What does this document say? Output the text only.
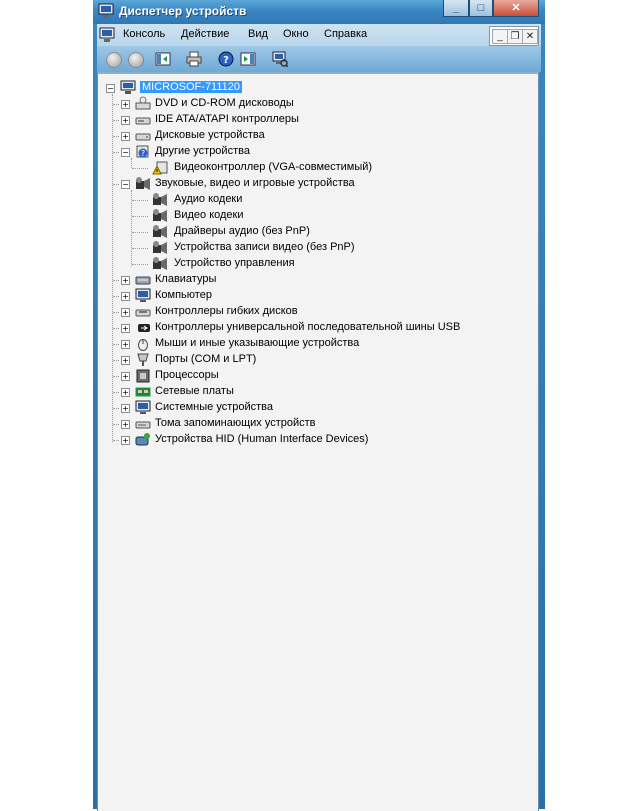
Диспетчер устройств	_ □ ✕
Консоль Действие Вид Окно Справка	_ ❐ ✕
?
−	MICROSOF-711120
+ DVD и CD-ROM дисководы
+ IDE ATA/ATAPI контроллеры
+ Дисковые устройства
− ? Другие устройства
Видеоконтроллер (VGA-совместимый)
− Звуковые, видео и игровые устройства
Аудио кодеки
Видео кодеки
Драйверы аудио (без PnP)
Устройства записи видео (без PnP)
Устройство управления
+ Клавиатуры
+ Компьютер
+ Контроллеры гибких дисков
+ Контроллеры универсальной последовательной шины USB
+ Мыши и иные указывающие устройства
+ Порты (COM и LPT)
+ Процессоры
+ Сетевые платы
+ Системные устройства
+ Тома запоминающих устройств
+ Устройства HID (Human Interface Devices)
